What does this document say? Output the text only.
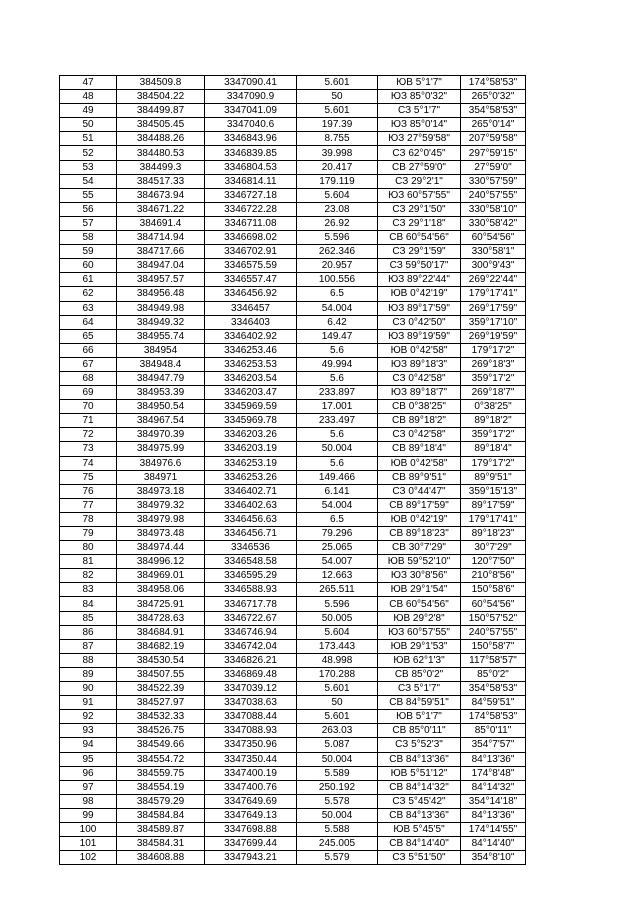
47	384509.8	3347090.41	5.601	ЮВ 5°1'7"	174°58'53"
48	384504.22	3347090.9	50	ЮЗ 85°0'32"	265°0'32"
49	384499.87	3347041.09	5.601	СЗ 5°1'7"	354°58'53"
50	384505.45	3347040.6	197.39	ЮЗ 85°0'14"	265°0'14"
51	384488.26	3346843.96	8.755	ЮЗ 27°59'58"	207°59'58"
52	384480.53	3346839.85	39.998	СЗ 62°0'45"	297°59'15"
53	384499.3	3346804.53	20.417	СВ 27°59'0"	27°59'0"
54	384517.33	3346814.11	179.119	СЗ 29°2'1"	330°57'59"
55	384673.94	3346727.18	5.604	ЮЗ 60°57'55"	240°57'55"
56	384671.22	3346722.28	23.08	СЗ 29°1'50"	330°58'10"
57	384691.4	3346711.08	26.92	СЗ 29°1'18"	330°58'42"
58	384714.94	3346698.02	5.596	СВ 60°54'56"	60°54'56"
59	384717.66	3346702.91	262.346	СЗ 29°1'59"	330°58'1"
60	384947.04	3346575.59	20.957	СЗ 59°50'17"	300°9'43"
61	384957.57	3346557.47	100.556	ЮЗ 89°22'44"	269°22'44"
62	384956.48	3346456.92	6.5	ЮВ 0°42'19"	179°17'41"
63	384949.98	3346457	54.004	ЮЗ 89°17'59"	269°17'59"
64	384949.32	3346403	6.42	СЗ 0°42'50"	359°17'10"
65	384955.74	3346402.92	149.47	ЮЗ 89°19'59"	269°19'59"
66	384954	3346253.46	5.6	ЮВ 0°42'58"	179°17'2"
67	384948.4	3346253.53	49.994	ЮЗ 89°18'3"	269°18'3"
68	384947.79	3346203.54	5.6	СЗ 0°42'58"	359°17'2"
69	384953.39	3346203.47	233.897	ЮЗ 89°18'7"	269°18'7"
70	384950.54	3345969.59	17.001	СВ 0°38'25"	0°38'25"
71	384967.54	3345969.78	233.497	СВ 89°18'2"	89°18'2"
72	384970.39	3346203.26	5.6	СЗ 0°42'58"	359°17'2"
73	384975.99	3346203.19	50.004	СВ 89°18'4"	89°18'4"
74	384976.6	3346253.19	5.6	ЮВ 0°42'58"	179°17'2"
75	384971	3346253.26	149.466	СВ 89°9'51"	89°9'51"
76	384973.18	3346402.71	6.141	СЗ 0°44'47"	359°15'13"
77	384979.32	3346402.63	54.004	СВ 89°17'59"	89°17'59"
78	384979.98	3346456.63	6.5	ЮВ 0°42'19"	179°17'41"
79	384973.48	3346456.71	79.296	СВ 89°18'23"	89°18'23"
80	384974.44	3346536	25.065	СВ 30°7'29"	30°7'29"
81	384996.12	3346548.58	54.007	ЮВ 59°52'10"	120°7'50"
82	384969.01	3346595.29	12.663	ЮЗ 30°8'56"	210°8'56"
83	384958.06	3346588.93	265.511	ЮВ 29°1'54"	150°58'6"
84	384725.91	3346717.78	5.596	СВ 60°54'56"	60°54'56"
85	384728.63	3346722.67	50.005	ЮВ 29°2'8"	150°57'52"
86	384684.91	3346746.94	5.604	ЮЗ 60°57'55"	240°57'55"
87	384682.19	3346742.04	173.443	ЮВ 29°1'53"	150°58'7"
88	384530.54	3346826.21	48.998	ЮВ 62°1'3"	117°58'57"
89	384507.55	3346869.48	170.288	СВ 85°0'2"	85°0'2"
90	384522.39	3347039.12	5.601	СЗ 5°1'7"	354°58'53"
91	384527.97	3347038.63	50	СВ 84°59'51"	84°59'51"
92	384532.33	3347088.44	5.601	ЮВ 5°1'7"	174°58'53"
93	384526.75	3347088.93	263.03	СВ 85°0'11"	85°0'11"
94	384549.66	3347350.96	5.087	СЗ 5°52'3"	354°7'57"
95	384554.72	3347350.44	50.004	СВ 84°13'36"	84°13'36"
96	384559.75	3347400.19	5.589	ЮВ 5°51'12"	174°8'48"
97	384554.19	3347400.76	250.192	СВ 84°14'32"	84°14'32"
98	384579.29	3347649.69	5.578	СЗ 5°45'42"	354°14'18"
99	384584.84	3347649.13	50.004	СВ 84°13'36"	84°13'36"
100	384589.87	3347698.88	5.588	ЮВ 5°45'5"	174°14'55"
101	384584.31	3347699.44	245.005	СВ 84°14'40"	84°14'40"
102	384608.88	3347943.21	5.579	СЗ 5°51'50"	354°8'10"
